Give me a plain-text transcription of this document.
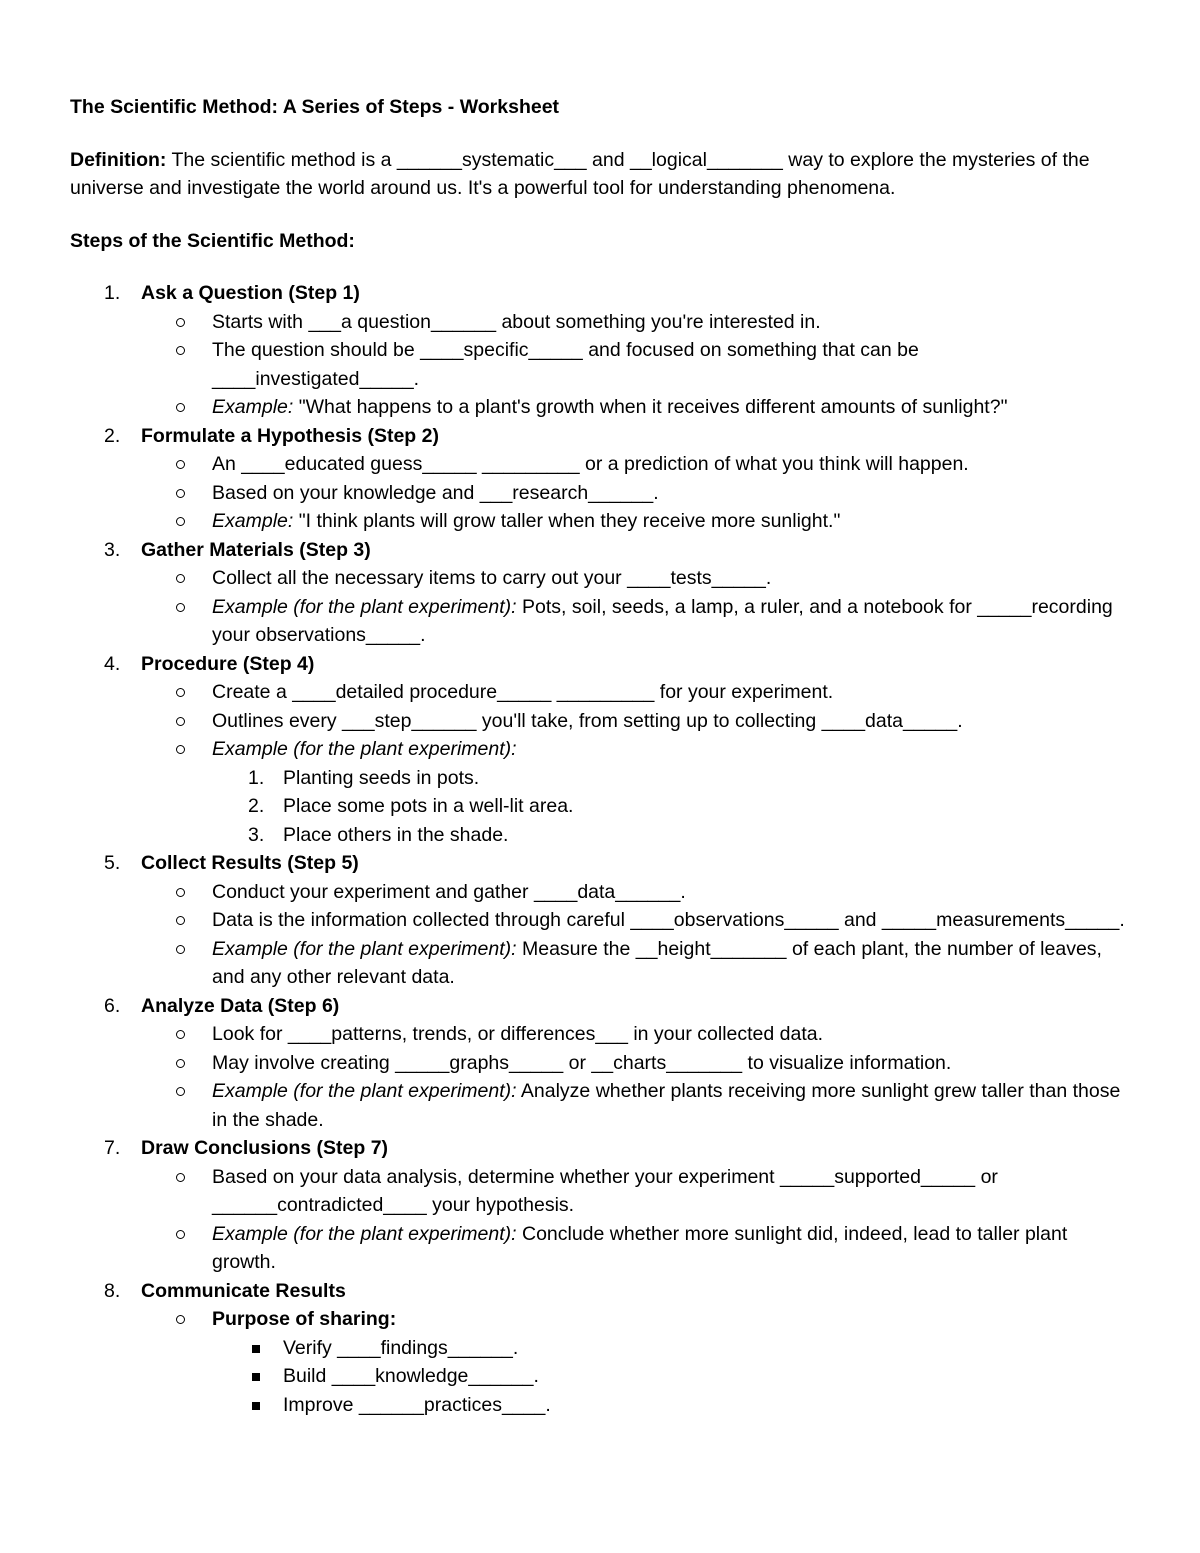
The Scientific Method: A Series of Steps - Worksheet
Definition: The scientific method is a ______systematic___ and __logical_______ way to explore the mysteries of the universe and investigate the world around us. It's a powerful tool for understanding phenomena.
Steps of the Scientific Method:
1. Ask a Question (Step 1)
Starts with ___a question______ about something you're interested in.
The question should be ____specific_____ and focused on something that can be ____investigated_____.
Example: "What happens to a plant's growth when it receives different amounts of sunlight?"
2. Formulate a Hypothesis (Step 2)
An ____educated guess_____ _________ or a prediction of what you think will happen.
Based on your knowledge and ___research______.
Example: "I think plants will grow taller when they receive more sunlight."
3. Gather Materials (Step 3)
Collect all the necessary items to carry out your ____tests_____.
Example (for the plant experiment): Pots, soil, seeds, a lamp, a ruler, and a notebook for _____recording your observations_____.
4. Procedure (Step 4)
Create a ____detailed procedure_____ _________ for your experiment.
Outlines every ___step______ you'll take, from setting up to collecting ____data_____.
Example (for the plant experiment):
1. Planting seeds in pots.
2. Place some pots in a well-lit area.
3. Place others in the shade.
5. Collect Results (Step 5)
Conduct your experiment and gather ____data______.
Data is the information collected through careful ____observations_____ and _____measurements_____.
Example (for the plant experiment): Measure the __height_______ of each plant, the number of leaves, and any other relevant data.
6. Analyze Data (Step 6)
Look for ____patterns, trends, or differences___ in your collected data.
May involve creating _____graphs_____ or __charts_______ to visualize information.
Example (for the plant experiment): Analyze whether plants receiving more sunlight grew taller than those in the shade.
7. Draw Conclusions (Step 7)
Based on your data analysis, determine whether your experiment _____supported_____ or ______contradicted____ your hypothesis.
Example (for the plant experiment): Conclude whether more sunlight did, indeed, lead to taller plant growth.
8. Communicate Results
Purpose of sharing:
Verify ____findings______.
Build ____knowledge______.
Improve ______practices____.
